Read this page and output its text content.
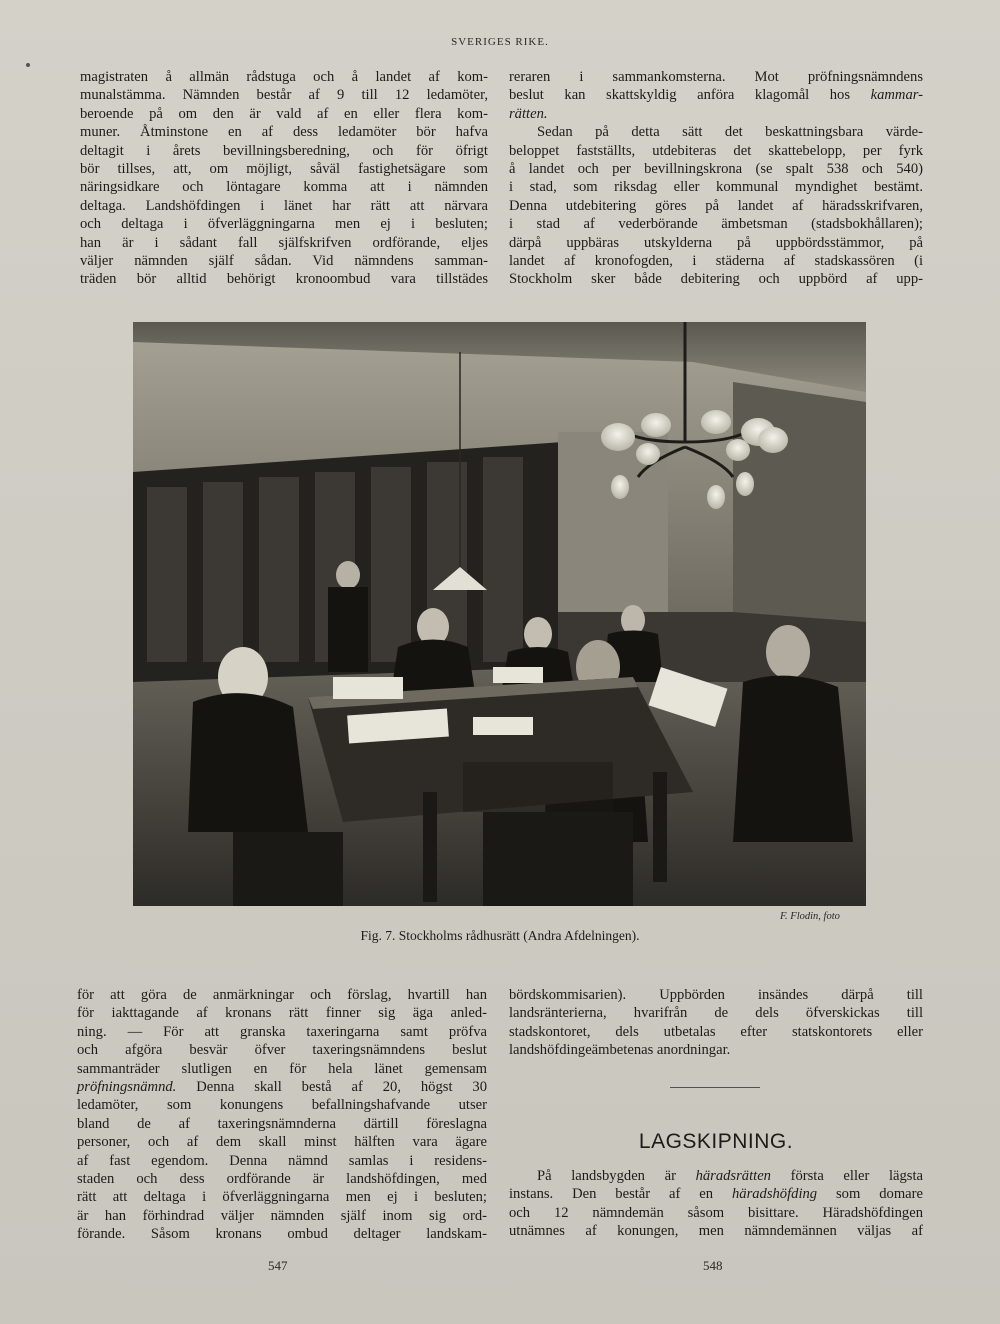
SVERIGES RIKE.
magistraten å allmän rådstuga och å landet af kom-
munalstämma. Nämnden består af 9 till 12 ledamöter,
beroende på om den är vald af en eller flera kom-
muner. Åtminstone en af dess ledamöter bör hafva
deltagit i årets bevillningsberedning, och för öfrigt
bör tillses, att, om möjligt, såväl fastighetsägare som
näringsidkare och löntagare komma att i nämnden
deltaga. Landshöfdingen i länet har rätt att närvara
och deltaga i öfverläggningarna men ej i besluten;
han är i sådant fall själfskrifven ordförande, eljes
väljer nämnden själf sådan. Vid nämndens samman-
träden bör alltid behörigt kronoombud vara tillstädes
reraren i sammankomsterna. Mot pröfningsnämndens
beslut kan skattskyldig anföra klagomål hos kammar-
rätten.
Sedan på detta sätt det beskattningsbara värde-
beloppet fastställts, utdebiteras det skattebelopp, per fyrk
å landet och per bevillningskrona (se spalt 538 och 540)
i stad, som riksdag eller kommunal myndighet bestämt.
Denna utdebitering göres på landet af häradsskrifvaren,
i stad af vederbörande ämbetsman (stadsbokhållaren);
därpå uppbäras utskylderna på uppbördsstämmor, på
landet af kronofogden, i städerna af stadskassören (i
Stockholm sker både debitering och uppbörd af upp-
F. Flodin, foto
Fig. 7. Stockholms rådhusrätt (Andra Afdelningen).
för att göra de anmärkningar och förslag, hvartill han
för iakttagande af kronans rätt finner sig äga anled-
ning. — För att granska taxeringarna samt pröfva
och afgöra besvär öfver taxeringsnämndens beslut
sammanträder slutligen en för hela länet gemensam
pröfningsnämnd. Denna skall bestå af 20, högst 30
ledamöter, som konungens befallningshafvande utser
bland de af taxeringsnämnderna därtill föreslagna
personer, och af dem skall minst hälften vara ägare
af fast egendom. Denna nämnd samlas i residens-
staden och dess ordförande är landshöfdingen, med
rätt att deltaga i öfverläggningarna men ej i besluten;
är han förhindrad väljer nämnden själf inom sig ord-
förande. Såsom kronans ombud deltager landskam-
bördskommisarien). Uppbörden insändes därpå till
landsränterierna, hvarifrån de dels öfverskickas till
stadskontoret, dels utbetalas efter statskontorets eller
landshöfdingeämbetenas anordningar.
LAGSKIPNING.
På landsbygden är häradsrätten första eller lägsta
instans. Den består af en häradshöfding som domare
och 12 nämndemän såsom bisittare. Häradshöfdingen
utnämnes af konungen, men nämndemännen väljas af
547	548
